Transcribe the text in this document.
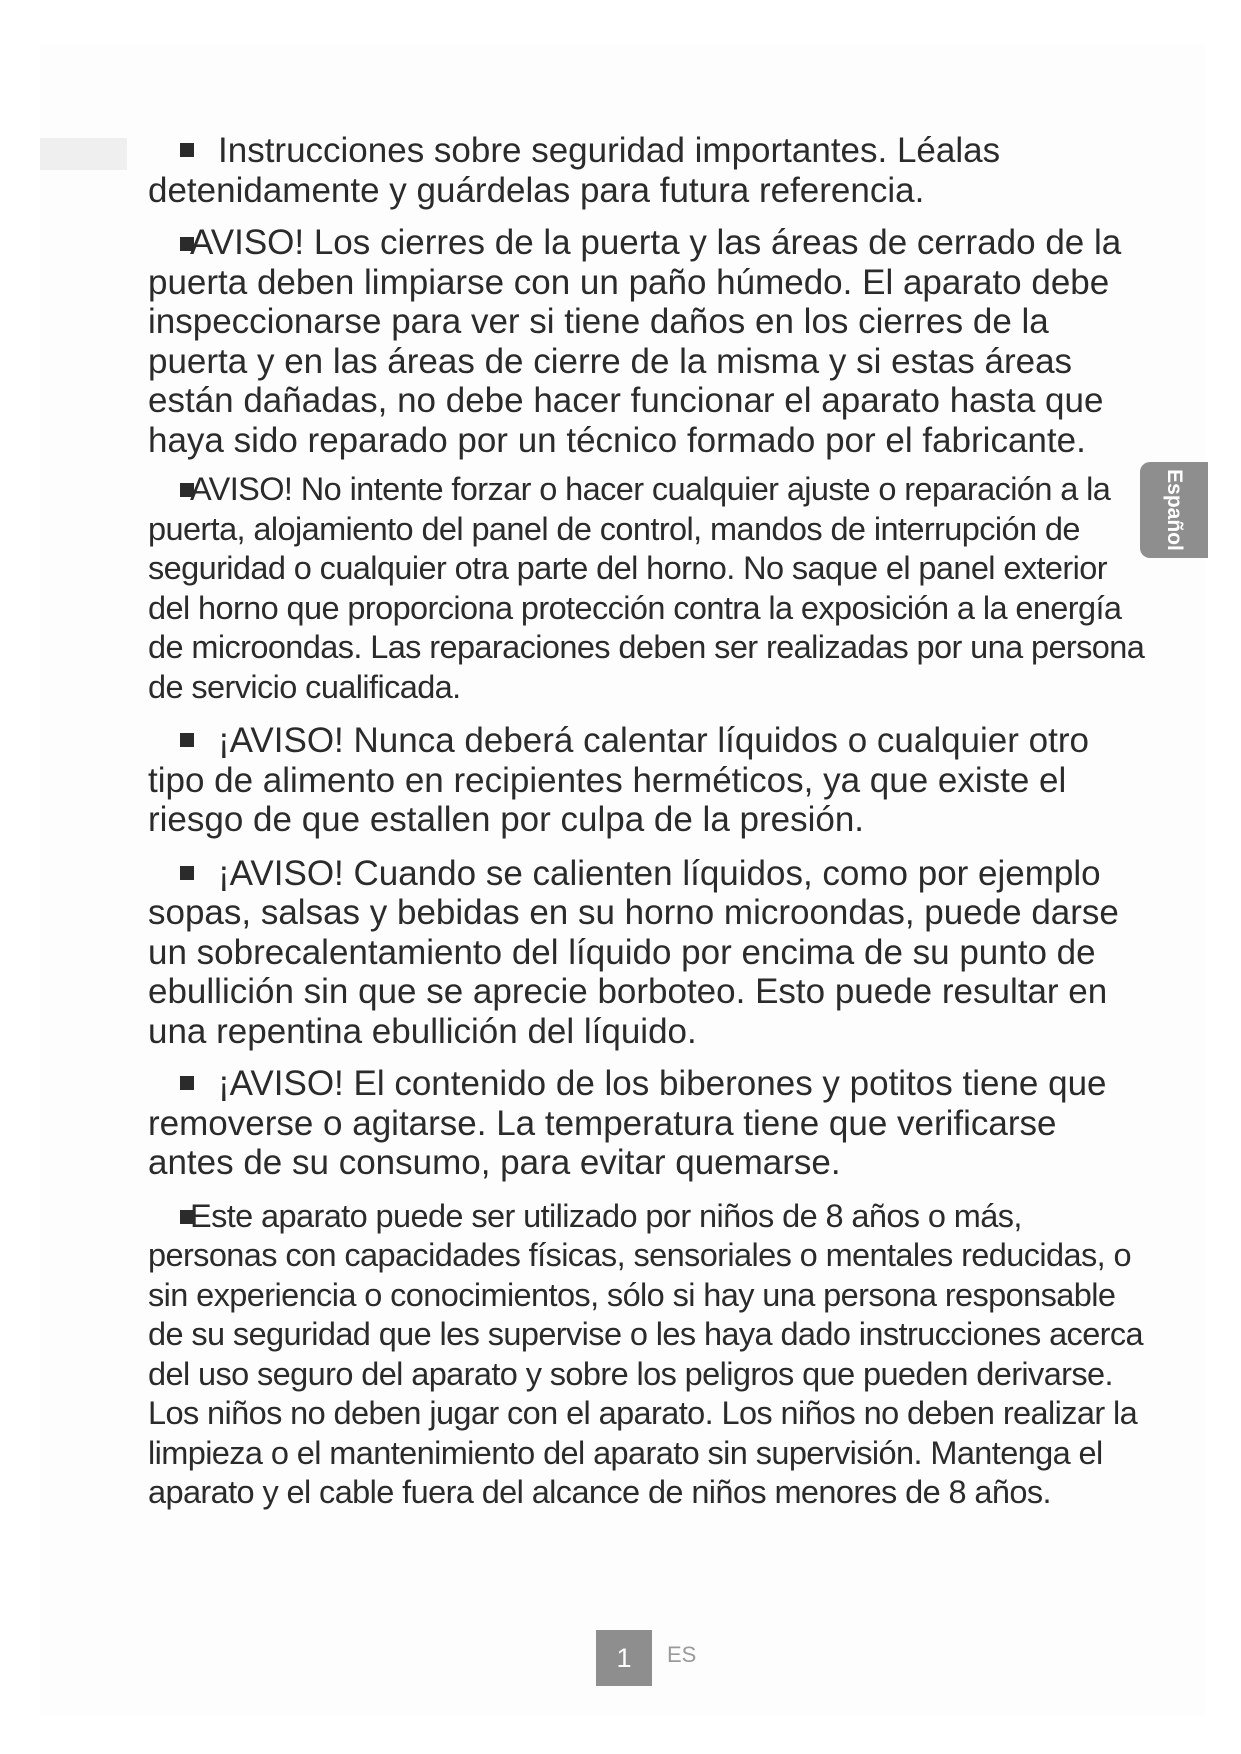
Instrucciones sobre seguridad importantes. Léalas detenidamente y guárdelas para futura referencia.

AVISO! Los cierres de la puerta y las áreas de cerrado de la puerta deben limpiarse con un paño húmedo. El aparato debe inspeccionarse para ver si tiene daños en los cierres de la puerta y en las áreas de cierre de la misma y si estas áreas están dañadas, no debe hacer funcionar el aparato hasta que haya sido reparado por un técnico formado por el fabricante.

AVISO! No intente forzar o hacer cualquier ajuste o reparación a la puerta, alojamiento del panel de control, mandos de interrupción de seguridad o cualquier otra parte del horno. No saque el panel exterior del horno que proporciona protección contra la exposición a la energía de microondas. Las reparaciones deben ser realizadas por una persona de servicio cualificada.

¡AVISO! Nunca deberá calentar líquidos o cualquier otro tipo de alimento en recipientes herméticos, ya que existe el riesgo de que estallen por culpa de la presión.

¡AVISO! Cuando se calienten líquidos, como por ejemplo sopas, salsas y bebidas en su horno microondas, puede darse un sobrecalentamiento del líquido por encima de su punto de ebullición sin que se aprecie borboteo. Esto puede resultar en una repentina ebullición del líquido.

¡AVISO! El contenido de los biberones y potitos tiene que removerse o agitarse. La temperatura tiene que verificarse antes de su consumo, para evitar quemarse.

Este aparato puede ser utilizado por niños de 8 años o más, personas con capacidades físicas, sensoriales o mentales reducidas, o sin experiencia o conocimientos, sólo si hay una persona responsable de su seguridad que les supervise o les haya dado instrucciones acerca del uso seguro del aparato y sobre los peligros que pueden derivarse. Los niños no deben jugar con el aparato. Los niños no deben realizar la limpieza o el mantenimiento del aparato sin supervisión. Mantenga el aparato y el cable fuera del alcance de niños menores de 8 años.

Español
1	ES
